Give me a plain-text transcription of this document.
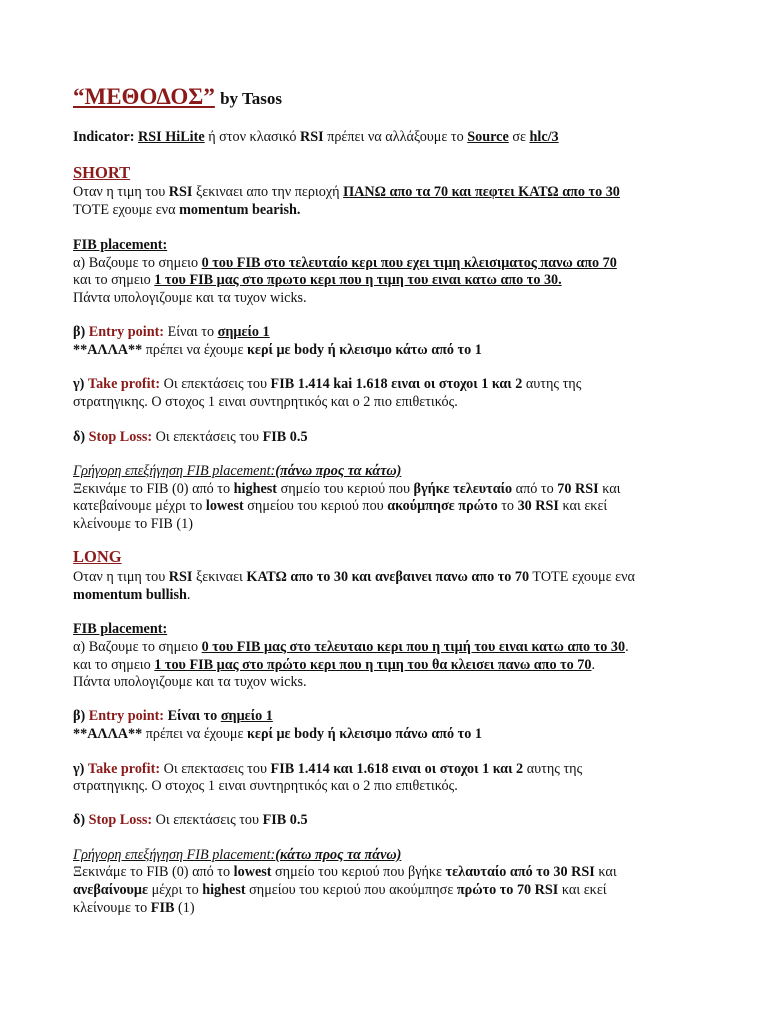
“ΜΕΘΟΔΟΣ” by Tasos
Indicator: RSI HiLite ή στον κλασικό RSI πρέπει να αλλάξουμε το Source σε hlc/3
SHORT
Οταν η τιμη του RSI ξεκιναει απο την περιοχή ΠΑΝΩ απο τα 70 και πεφτει ΚΑΤΩ απο το 30
ΤΟΤΕ εχουμε ενα momentum bearish.
FIB placement:
α) Βαζουμε το σημειο 0 του FIB στο τελευταίο κερι που εχει τιμη κλεισιματος πανω απο 70
και το σημειο 1 του FIB μας στο πρωτο κερι που η τιμη του ειναι κατω απο το 30.
Πάντα υπολογιζουμε και τα τυχον wicks.
β) Entry point: Είναι το σημείο 1
**ΑΛΛΑ** πρέπει να έχουμε κερί με body ή κλεισιμο κάτω από το 1
γ) Take profit: Οι επεκτάσεις του FIB 1.414 kai 1.618 ειναι οι στοχοι 1 και 2 αυτης της
στρατηγικης. Ο στοχος 1 ειναι συντηρητικός και ο 2 πιο επιθετικός.
δ) Stop Loss: Οι επεκτάσεις του FIB 0.5
Γρήγορη επεξήγηση FIB placement:(πάνω προς τα κάτω)
Ξεκινάμε το FIB (0) από το highest σημείο του κεριού που βγήκε τελευταίο από το 70 RSI και
κατεβαίνουμε μέχρι το lowest σημείου του κεριού που ακούμπησε πρώτο το 30 RSI και εκεί
κλείνουμε το FIB (1)
LONG
Οταν η τιμη του RSI ξεκιναει ΚΑΤΩ απο το 30 και ανεβαινει πανω απο το 70 ΤΟΤΕ εχουμε ενα
momentum bullish.
FIB placement:
α) Βαζουμε το σημειο 0 του FIB μας στο τελευταιο κερι που η τιμή του ειναι κατω απο το 30.
και το σημειο 1 του FIB μας στο πρώτο κερι που η τιμη του θα κλεισει πανω απο το 70.
Πάντα υπολογιζουμε και τα τυχον wicks.
β) Entry point: Είναι το σημείο 1
**ΑΛΛΑ** πρέπει να έχουμε κερί με body ή κλεισιμο πάνω από το 1
γ) Take profit: Οι επεκτασεις του FIB 1.414 και 1.618 ειναι οι στοχοι 1 και 2 αυτης της
στρατηγικης. Ο στοχος 1 ειναι συντηρητικός και ο 2 πιο επιθετικός.
δ) Stop Loss: Οι επεκτάσεις του FIB 0.5
Γρήγορη επεξήγηση FIB placement:(κάτω προς τα πάνω)
Ξεκινάμε το FIB (0) από το lowest σημείο του κεριού που βγήκε τελαυταίο από το 30 RSI και
ανεβαίνουμε μέχρι το highest σημείου του κεριού που ακούμπησε πρώτο το 70 RSI και εκεί
κλείνουμε το FIB (1)
